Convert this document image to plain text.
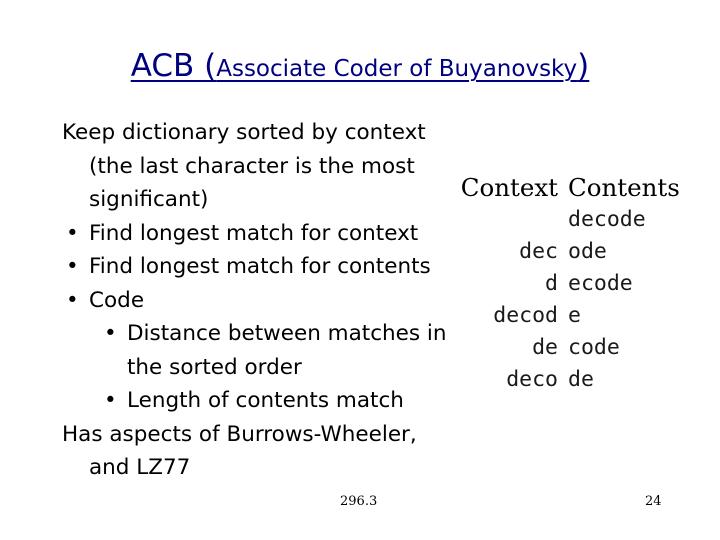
ACB (Associate Coder of Buyanovsky)
Keep dictionary sorted by context
(the last character is the most
significant)
• Find longest match for context
• Find longest match for contents
• Code
• Distance between matches in
the sorted order
• Length of contents match
Has aspects of Burrows-Wheeler,
and LZ77
Context Contents
decode
dec ode
d ecode
decod e
de code
deco de
296.3	24
